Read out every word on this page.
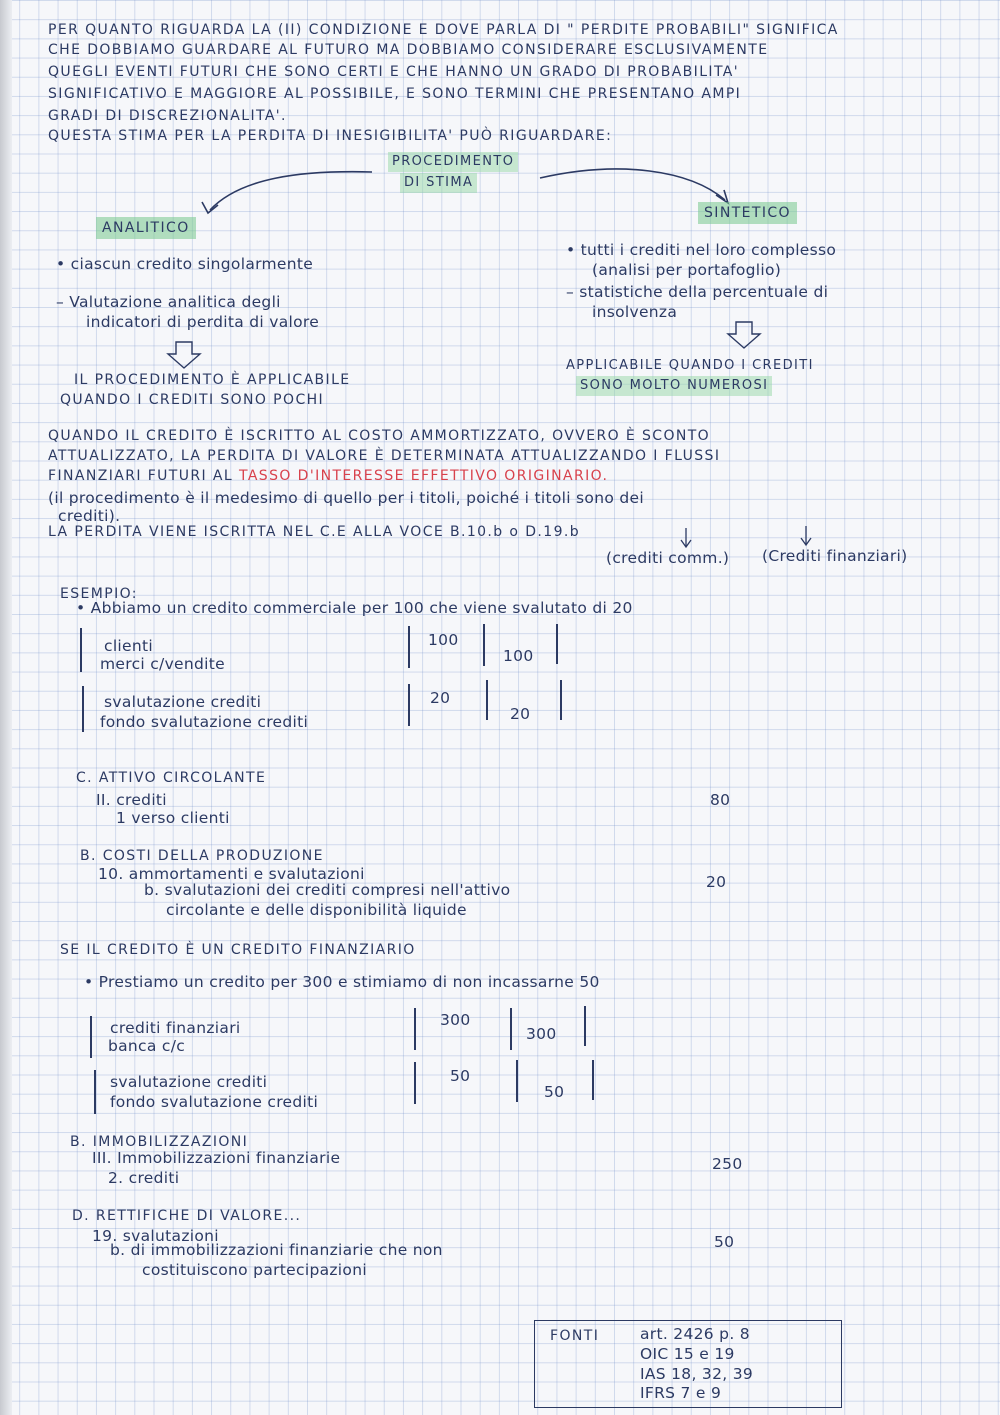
PER QUANTO RIGUARDA LA (II) CONDIZIONE E DOVE PARLA DI " PERDITE PROBABILI" SIGNIFICA
CHE DOBBIAMO GUARDARE AL FUTURO MA DOBBIAMO CONSIDERARE ESCLUSIVAMENTE
QUEGLI EVENTI FUTURI CHE SONO CERTI E CHE HANNO UN GRADO DI PROBABILITA'
SIGNIFICATIVO E MAGGIORE AL POSSIBILE, E SONO TERMINI CHE PRESENTANO AMPI
GRADI DI DISCREZIONALITA'.
QUESTA STIMA PER LA PERDITA DI INESIGIBILITA' PUÒ RIGUARDARE:
PROCEDIMENTO
DI STIMA
ANALITICO
SINTETICO
• ciascun credito singolarmente
– Valutazione analitica degli
indicatori di perdita di valore
IL PROCEDIMENTO È APPLICABILE
QUANDO I CREDITI SONO POCHI
• tutti i crediti nel loro complesso
(analisi per portafoglio)
– statistiche della percentuale di
insolvenza
APPLICABILE QUANDO I CREDITI
SONO MOLTO NUMEROSI
QUANDO IL CREDITO È ISCRITTO AL COSTO AMMORTIZZATO, OVVERO È SCONTO
ATTUALIZZATO, LA PERDITA DI VALORE È DETERMINATA ATTUALIZZANDO I FLUSSI
FINANZIARI FUTURI AL TASSO D'INTERESSE EFFETTIVO ORIGINARIO.
(il procedimento è il medesimo di quello per i titoli, poiché i titoli sono dei
crediti).
LA PERDITA VIENE ISCRITTA NEL C.E ALLA VOCE B.10.b o D.19.b
(crediti comm.) (Crediti finanziari)
ESEMPIO:
• Abbiamo un credito commerciale per 100 che viene svalutato di 20
clienti
merci c/vendite
100
100
svalutazione crediti
fondo svalutazione crediti
20
20
C. ATTIVO CIRCOLANTE
II. crediti
1 verso clienti
80
B. COSTI DELLA PRODUZIONE
10. ammortamenti e svalutazioni
b. svalutazioni dei crediti compresi nell'attivo
circolante e delle disponibilità liquide
20
SE IL CREDITO È UN CREDITO FINANZIARIO
• Prestiamo un credito per 300 e stimiamo di non incassarne 50
crediti finanziari
banca c/c
300
300
svalutazione crediti
fondo svalutazione crediti
50
50
B. IMMOBILIZZAZIONI
III. Immobilizzazioni finanziarie
2. crediti
250
D. RETTIFICHE DI VALORE...
19. svalutazioni
b. di immobilizzazioni finanziarie che non
costituiscono partecipazioni
50
FONTI	art. 2426 p. 8
OIC 15 e 19
IAS 18, 32, 39
IFRS 7 e 9
